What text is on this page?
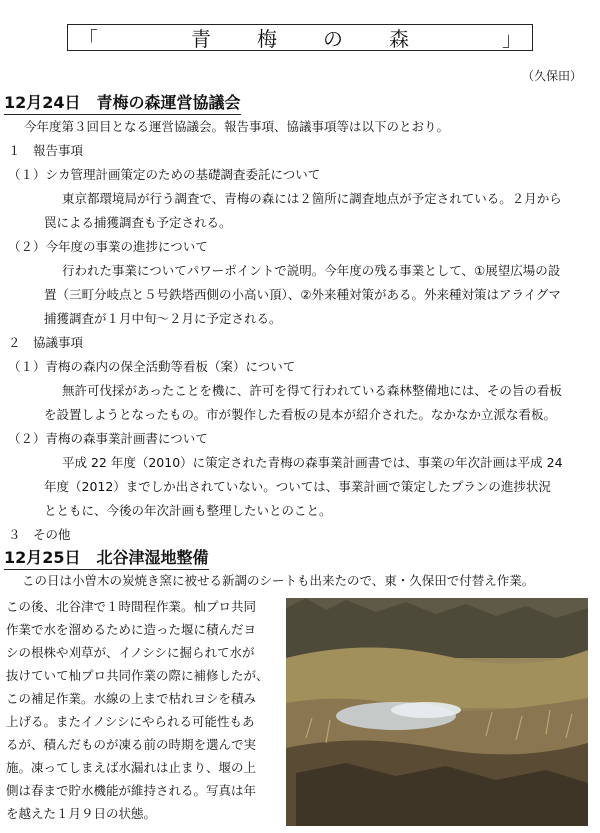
「	青梅の森 」
（久保田）
12月24日　青梅の森運営協議会
今年度第３回目となる運営協議会。報告事項、協議事項等は以下のとおり。
１　報告事項
（１）シカ管理計画策定のための基礎調査委託について
東京都環境局が行う調査で、青梅の森には２箇所に調査地点が予定されている。２月から
罠による捕獲調査も予定される。
（２）今年度の事業の進捗について
行われた事業についてパワーポイントで説明。今年度の残る事業として、①展望広場の設
置（三町分岐点と５号鉄塔西側の小高い頂）、②外来種対策がある。外来種対策はアライグマ
捕獲調査が１月中旬～２月に予定される。
２　協議事項
（１）青梅の森内の保全活動等看板（案）について
無許可伐採があったことを機に、許可を得て行われている森林整備地には、その旨の看板
を設置しようとなったもの。市が製作した看板の見本が紹介された。なかなか立派な看板。
（２）青梅の森事業計画書について
平成 22 年度（2010）に策定された青梅の森事業計画書では、事業の年次計画は平成 24
年度（2012）までしか出されていない。ついては、事業計画で策定したプランの進捗状況
とともに、今後の年次計画も整理したいとのこと。
３　その他
12月25日　北谷津湿地整備
この日は小曽木の炭焼き窯に被せる新調のシートも出来たので、東・久保田で付替え作業。
この後、北谷津で１時間程作業。杣プロ共同
作業で水を溜めるために造った堰に積んだヨ
シの根株や刈草が、イノシシに掘られて水が
抜けていて杣プロ共同作業の際に補修したが、
この補足作業。水線の上まで枯れヨシを積み
上げる。またイノシシにやられる可能性もあ
るが、積んだものが凍る前の時期を選んで実
施。凍ってしまえば水漏れは止まり、堰の上
側は春まで貯水機能が維持される。写真は年
を越えた１月９日の状態。
